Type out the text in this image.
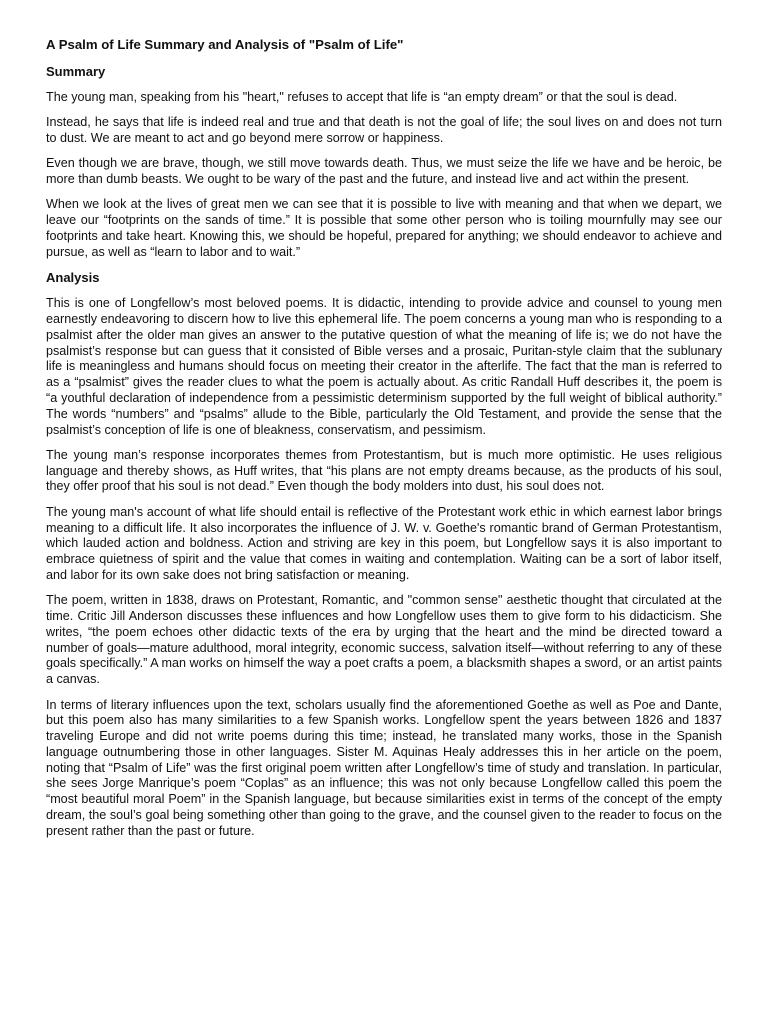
A Psalm of Life Summary and Analysis of "Psalm of Life"
Summary

The young man, speaking from his "heart," refuses to accept that life is “an empty dream” or that the soul is dead.

Instead, he says that life is indeed real and true and that death is not the goal of life; the soul lives on and does not turn to dust. We are meant to act and go beyond mere sorrow or happiness.

Even though we are brave, though, we still move towards death. Thus, we must seize the life we have and be heroic, be more than dumb beasts. We ought to be wary of the past and the future, and instead live and act within the present.

When we look at the lives of great men we can see that it is possible to live with meaning and that when we depart, we leave our “footprints on the sands of time.” It is possible that some other person who is toiling mournfully may see our footprints and take heart. Knowing this, we should be hopeful, prepared for anything; we should endeavor to achieve and pursue, as well as “learn to labor and to wait.”

Analysis

This is one of Longfellow’s most beloved poems. It is didactic, intending to provide advice and counsel to young men earnestly endeavoring to discern how to live this ephemeral life. The poem concerns a young man who is responding to a psalmist after the older man gives an answer to the putative question of what the meaning of life is; we do not have the psalmist’s response but can guess that it consisted of Bible verses and a prosaic, Puritan-style claim that the sublunary life is meaningless and humans should focus on meeting their creator in the afterlife. The fact that the man is referred to as a “psalmist” gives the reader clues to what the poem is actually about. As critic Randall Huff describes it, the poem is “a youthful declaration of independence from a pessimistic determinism supported by the full weight of biblical authority.” The words “numbers” and “psalms” allude to the Bible, particularly the Old Testament, and provide the sense that the psalmist’s conception of life is one of bleakness, conservatism, and pessimism.

The young man’s response incorporates themes from Protestantism, but is much more optimistic. He uses religious language and thereby shows, as Huff writes, that “his plans are not empty dreams because, as the products of his soul, they offer proof that his soul is not dead.” Even though the body molders into dust, his soul does not.

The young man's account of what life should entail is reflective of the Protestant work ethic in which earnest labor brings meaning to a difficult life. It also incorporates the influence of J. W. v. Goethe's romantic brand of German Protestantism, which lauded action and boldness. Action and striving are key in this poem, but Longfellow says it is also important to embrace quietness of spirit and the value that comes in waiting and contemplation. Waiting can be a sort of labor itself, and labor for its own sake does not bring satisfaction or meaning.

The poem, written in 1838, draws on Protestant, Romantic, and "common sense" aesthetic thought that circulated at the time. Critic Jill Anderson discusses these influences and how Longfellow uses them to give form to his didacticism. She writes, “the poem echoes other didactic texts of the era by urging that the heart and the mind be directed toward a number of goals—mature adulthood, moral integrity, economic success, salvation itself—without referring to any of these goals specifically.” A man works on himself the way a poet crafts a poem, a blacksmith shapes a sword, or an artist paints a canvas.

In terms of literary influences upon the text, scholars usually find the aforementioned Goethe as well as Poe and Dante, but this poem also has many similarities to a few Spanish works. Longfellow spent the years between 1826 and 1837 traveling Europe and did not write poems during this time; instead, he translated many works, those in the Spanish language outnumbering those in other languages. Sister M. Aquinas Healy addresses this in her article on the poem, noting that “Psalm of Life” was the first original poem written after Longfellow’s time of study and translation. In particular, she sees Jorge Manrique’s poem “Coplas” as an influence; this was not only because Longfellow called this poem the “most beautiful moral Poem” in the Spanish language, but because similarities exist in terms of the concept of the empty dream, the soul’s goal being something other than going to the grave, and the counsel given to the reader to focus on the present rather than the past or future.
